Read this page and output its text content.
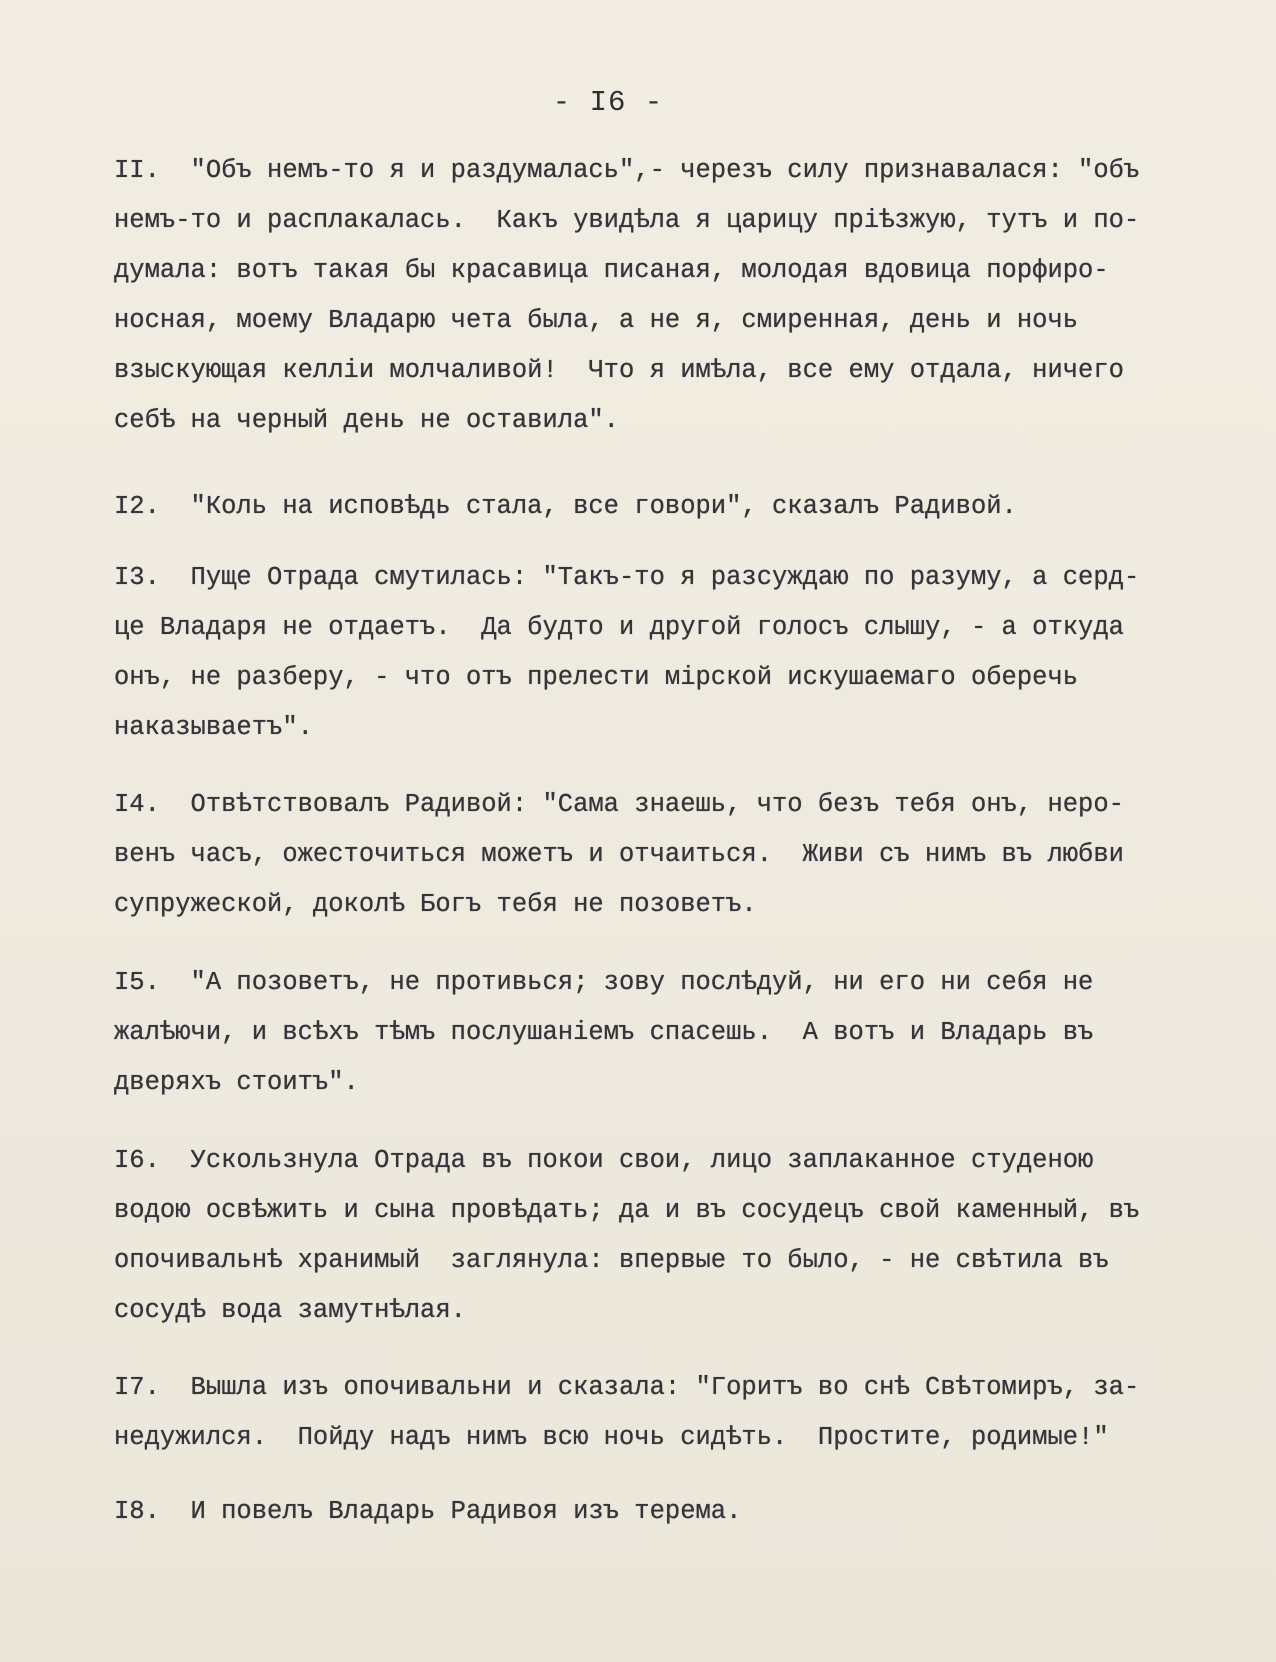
- I6 -
II.  "Объ немъ-то я и раздумалась",- черезъ силу признавалася: "объ
немъ-то и расплакалась.  Какъ увидѣла я царицу прiѣзжую, тутъ и по-
думала: вотъ такая бы красавица писаная, молодая вдовица порфиро-
носная, моему Владарю чета была, а не я, смиренная, день и ночь
взыскующая келлiи молчаливой!  Что я имѣла, все ему отдала, ничего
себѣ на черный день не оставила".
I2.  "Коль на исповѣдь стала, все говори", сказалъ Радивой.
I3.  Пуще Отрада смутилась: "Такъ-то я разсуждаю по разуму, а серд-
це Владаря не отдаетъ.  Да будто и другой голосъ слышу, - а откуда
онъ, не разберу, - что отъ прелести мiрской искушаемаго оберечь
наказываетъ".
I4.  Отвѣтствовалъ Радивой: "Сама знаешь, что безъ тебя онъ, неро-
венъ часъ, ожесточиться можетъ и отчаиться.  Живи съ нимъ въ любви
супружеской, доколѣ Богъ тебя не позоветъ.
I5.  "А позоветъ, не противься; зову послѣдуй, ни его ни себя не
жалѣючи, и всѣхъ тѣмъ послушанiемъ спасешь.  А вотъ и Владарь въ
дверяхъ стоитъ".
I6.  Ускользнула Отрада въ покои свои, лицо заплаканное студеною
водою освѣжить и сына провѣдать; да и въ сосудецъ свой каменный, въ
опочивальнѣ хранимый  заглянула: впервые то было, - не свѣтила въ
сосудѣ вода замутнѣлая.
I7.  Вышла изъ опочивальни и сказала: "Горитъ во снѣ Свѣтомиръ, за-
недужился.  Пойду надъ нимъ всю ночь сидѣть.  Простите, родимые!"
I8.  И повелъ Владарь Радивоя изъ терема.
